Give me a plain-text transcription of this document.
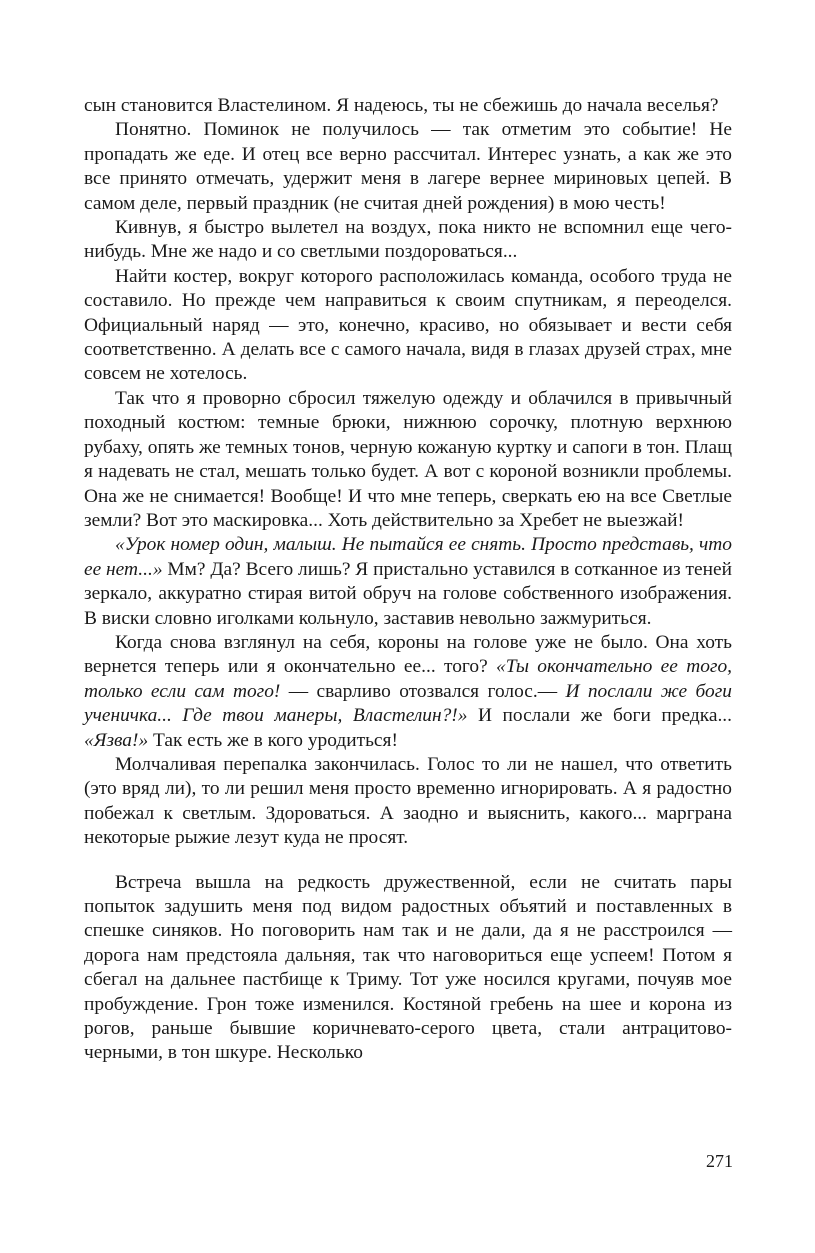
сын становится Властелином. Я надеюсь, ты не сбежишь до начала веселья?

Понятно. Поминок не получилось — так отметим это событие! Не пропадать же еде. И отец все верно рассчитал. Интерес узнать, а как же это все принято отмечать, удержит меня в лагере вернее мириновых цепей. В самом деле, первый праздник (не считая дней рождения) в мою честь!

Кивнув, я быстро вылетел на воздух, пока никто не вспомнил еще чего-нибудь. Мне же надо и со светлыми поздороваться...

Найти костер, вокруг которого расположилась команда, особого труда не составило. Но прежде чем направиться к своим спутникам, я переоделся. Официальный наряд — это, конечно, красиво, но обязывает и вести себя соответственно. А делать все с самого начала, видя в глазах друзей страх, мне совсем не хотелось.

Так что я проворно сбросил тяжелую одежду и облачился в привычный походный костюм: темные брюки, нижнюю сорочку, плотную верхнюю рубаху, опять же темных тонов, черную кожаную куртку и сапоги в тон. Плащ я надевать не стал, мешать только будет. А вот с короной возникли проблемы. Она же не снимается! Вообще! И что мне теперь, сверкать ею на все Светлые земли? Вот это маскировка... Хоть действительно за Хребет не выезжай!

«Урок номер один, малыш. Не пытайся ее снять. Просто представь, что ее нет...» Мм? Да? Всего лишь? Я пристально уставился в сотканное из теней зеркало, аккуратно стирая витой обруч на голове собственного изображения. В виски словно иголками кольнуло, заставив невольно зажмуриться.

Когда снова взглянул на себя, короны на голове уже не было. Она хоть вернется теперь или я окончательно ее... того? «Ты окончательно ее того, только если сам того! — сварливо отозвался голос.— И послали же боги ученичка... Где твои манеры, Властелин?!» И послали же боги предка... «Язва!» Так есть же в кого уродиться!

Молчаливая перепалка закончилась. Голос то ли не нашел, что ответить (это вряд ли), то ли решил меня просто временно игнорировать. А я радостно побежал к светлым. Здороваться. А заодно и выяснить, какого... марграна некоторые рыжие лезут куда не просят.

Встреча вышла на редкость дружественной, если не считать пары попыток задушить меня под видом радостных объятий и поставленных в спешке синяков. Но поговорить нам так и не дали, да я не расстроился — дорога нам предстояла дальняя, так что наговориться еще успеем! Потом я сбегал на дальнее пастбище к Триму. Тот уже носился кругами, почуяв мое пробуждение. Грон тоже изменился. Костяной гребень на шее и корона из рогов, раньше бывшие коричневато-серого цвета, стали антрацитово-черными, в тон шкуре. Несколько

271
